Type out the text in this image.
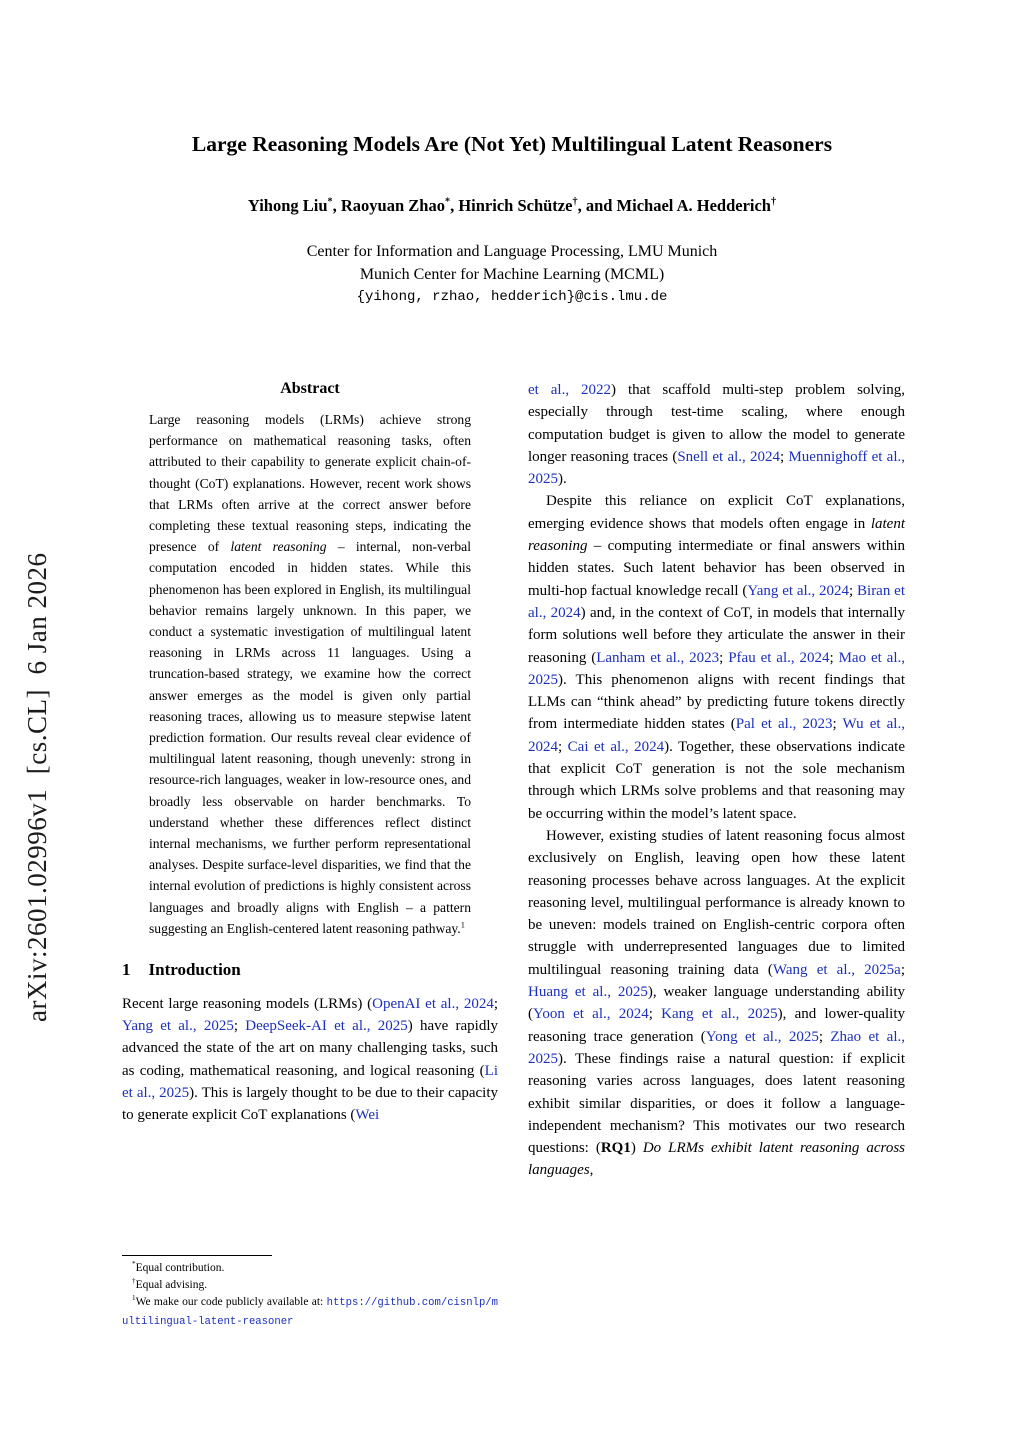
arXiv:2601.02996v1  [cs.CL]  6 Jan 2026
Large Reasoning Models Are (Not Yet) Multilingual Latent Reasoners
Yihong Liu*, Raoyuan Zhao*, Hinrich Schütze†, and Michael A. Hedderich†
Center for Information and Language Processing, LMU Munich
Munich Center for Machine Learning (MCML)
{yihong, rzhao, hedderich}@cis.lmu.de
Abstract
Large reasoning models (LRMs) achieve strong performance on mathematical reasoning tasks, often attributed to their capability to generate explicit chain-of-thought (CoT) explanations. However, recent work shows that LRMs often arrive at the correct answer before completing these textual reasoning steps, indicating the presence of latent reasoning – internal, non-verbal computation encoded in hidden states. While this phenomenon has been explored in English, its multilingual behavior remains largely unknown. In this paper, we conduct a systematic investigation of multilingual latent reasoning in LRMs across 11 languages. Using a truncation-based strategy, we examine how the correct answer emerges as the model is given only partial reasoning traces, allowing us to measure stepwise latent prediction formation. Our results reveal clear evidence of multilingual latent reasoning, though unevenly: strong in resource-rich languages, weaker in low-resource ones, and broadly less observable on harder benchmarks. To understand whether these differences reflect distinct internal mechanisms, we further perform representational analyses. Despite surface-level disparities, we find that the internal evolution of predictions is highly consistent across languages and broadly aligns with English – a pattern suggesting an English-centered latent reasoning pathway.$^1$
1 Introduction
Recent large reasoning models (LRMs) (OpenAI et al., 2024; Yang et al., 2025; DeepSeek-AI et al., 2025) have rapidly advanced the state of the art on many challenging tasks, such as coding, mathematical reasoning, and logical reasoning (Li et al., 2025). This is largely thought to be due to their capacity to generate explicit CoT explanations (Wei
*Equal contribution.
†Equal advising.
$^1$We make our code publicly available at: https://github.com/cisnlp/multilingual-latent-reasoner
et al., 2022) that scaffold multi-step problem solving, especially through test-time scaling, where enough computation budget is given to allow the model to generate longer reasoning traces (Snell et al., 2024; Muennighoff et al., 2025).
Despite this reliance on explicit CoT explanations, emerging evidence shows that models often engage in latent reasoning – computing intermediate or final answers within hidden states. Such latent behavior has been observed in multi-hop factual knowledge recall (Yang et al., 2024; Biran et al., 2024) and, in the context of CoT, in models that internally form solutions well before they articulate the answer in their reasoning (Lanham et al., 2023; Pfau et al., 2024; Mao et al., 2025). This phenomenon aligns with recent findings that LLMs can “think ahead” by predicting future tokens directly from intermediate hidden states (Pal et al., 2023; Wu et al., 2024; Cai et al., 2024). Together, these observations indicate that explicit CoT generation is not the sole mechanism through which LRMs solve problems and that reasoning may be occurring within the model’s latent space.
However, existing studies of latent reasoning focus almost exclusively on English, leaving open how these latent reasoning processes behave across languages. At the explicit reasoning level, multilingual performance is already known to be uneven: models trained on English-centric corpora often struggle with underrepresented languages due to limited multilingual reasoning training data (Wang et al., 2025a; Huang et al., 2025), weaker language understanding ability (Yoon et al., 2024; Kang et al., 2025), and lower-quality reasoning trace generation (Yong et al., 2025; Zhao et al., 2025). These findings raise a natural question: if explicit reasoning varies across languages, does latent reasoning exhibit similar disparities, or does it follow a language-independent mechanism? This motivates our two research questions: (RQ1) Do LRMs exhibit latent reasoning across languages,
